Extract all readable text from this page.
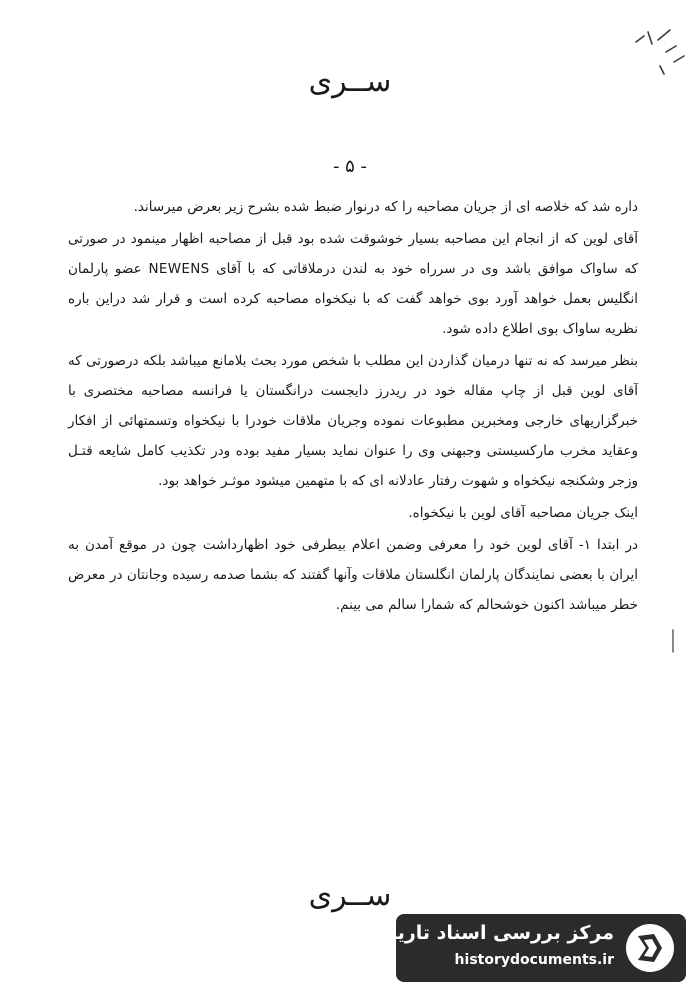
ســری
- ۵ -

داره شد که خلاصه ای از جریان مصاحبه را که درنوار ضبط شده بشرح زیر بعرض میرساند.

آقای لوین که از انجام این مصاحبه بسیار خوشوقت شده بود قبل از مصاحبه اظهار مینمود در صورتی که ساواک موافق باشد وی در سرراه خود به لندن درملاقاتی که با آقای NEWENS عضو پارلمان انگلیس بعمل خواهد آورد بوی خواهد گفت که با نیکخواه مصاحبه کرده است و قرار شد دراین باره نظریه ساواک بوی اطلاع داده شود.

بنظر میرسد که نه تنها درمیان گذاردن این مطلب با شخص مورد بحث بلامانع میباشد بلکه درصورتی که آقای لوین قبل از چاپ مقاله خود در ریدرز دایجست درانگستان یا فرانسه مصاحبه مختصری با خبرگزاریهای خارجی ومخبرین مطبوعات نموده وجریان ملاقات خودرا با نیکخواه وتسمتهائی از افکار وعقاید مخرب مارکسیستی وجبهنی وی را عنوان نماید بسیار مفید بوده ودر تکذیب کامل شایعه قتـل وزجر وشکنجه نیکخواه و شهوت رفتار عادلانه ای که با متهمین میشود موثـر خواهد بود.

اینک جریان مصاحبه آقای لوین با نیکخواه.

در ابتدا ۱- آقای لوین خود را معرفی وضمن اعلام بیطرفی خود اظهارداشت چون در موقع آمدن به ایران با بعضی نمایندگان پارلمان انگلستان ملاقات وآنها گفتند که بشما صدمه رسیده وجانتان در معرض خطر میباشد اکنون خوشحالم که شمارا سالم می بینم.

ســری
مرکز بررسی اسناد تاریخی
historydocuments.ir
